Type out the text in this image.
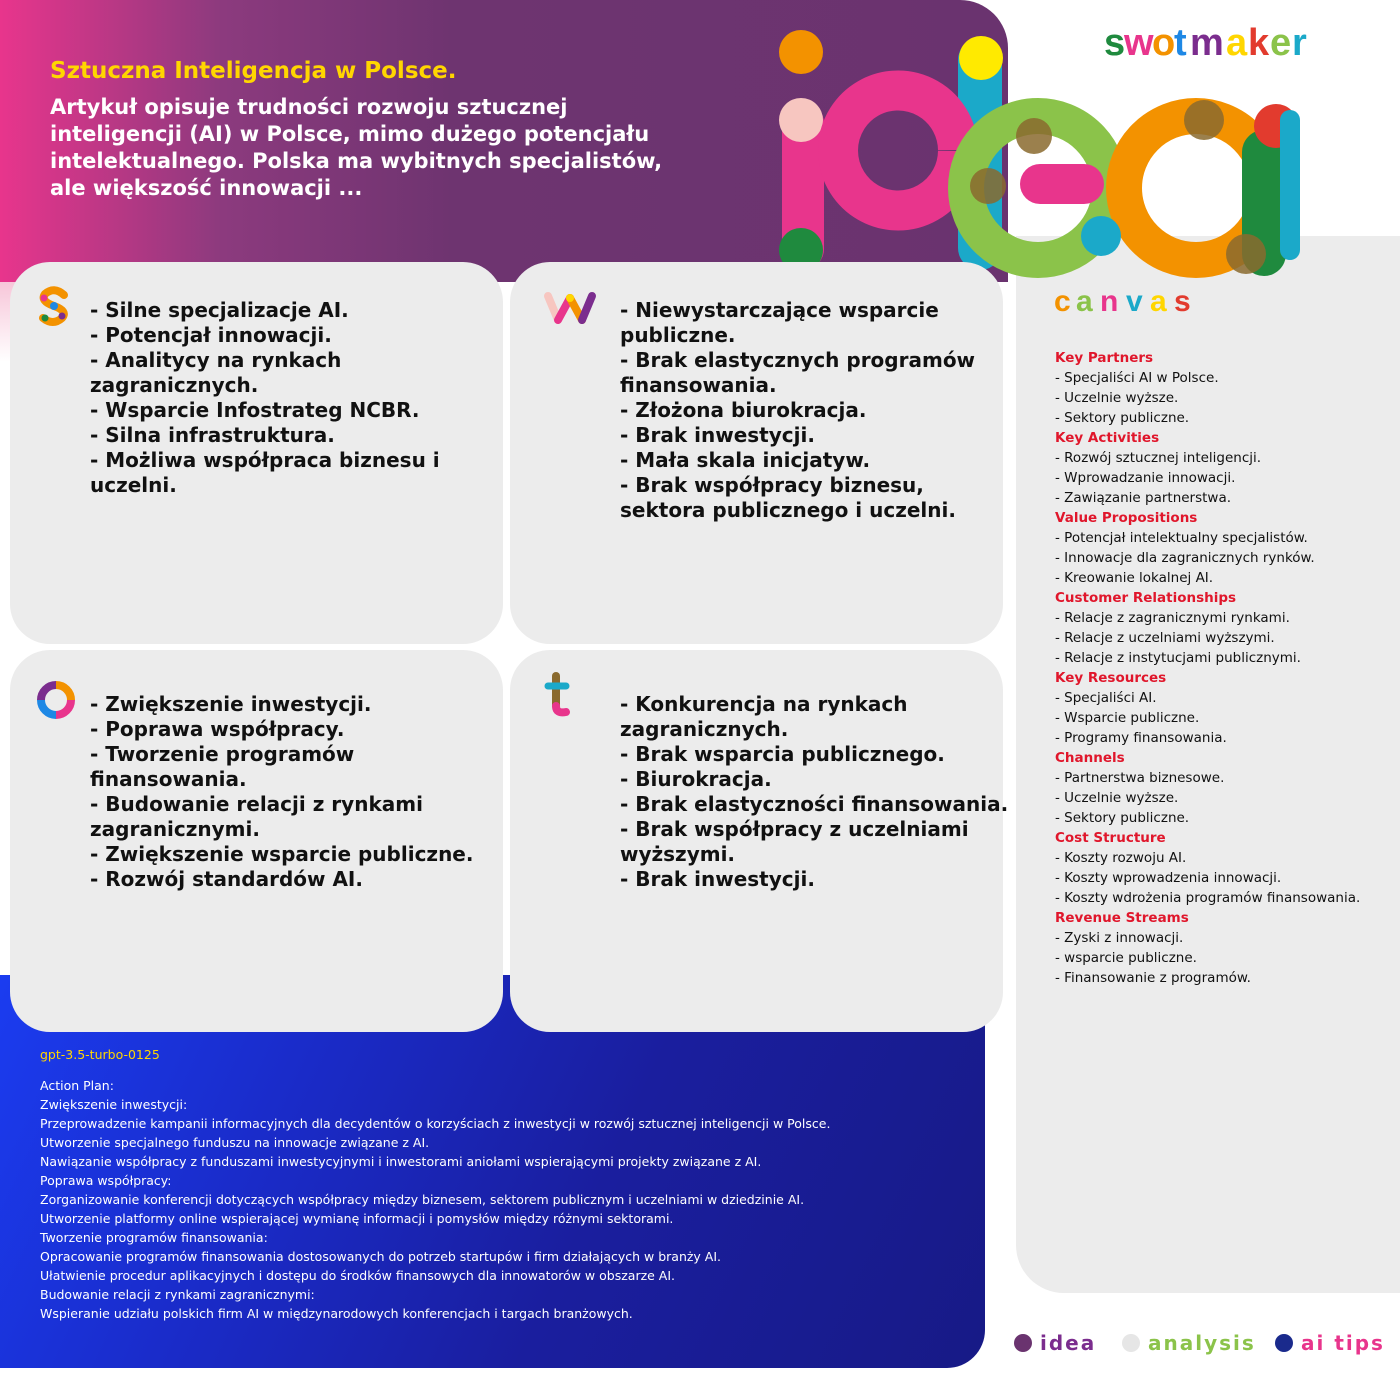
Sztuczna Inteligencja w Polsce.
Artykuł opisuje trudności rozwoju sztucznej inteligencji (AI) w Polsce, mimo dużego potencjału intelektualnego. Polska ma wybitnych specjalistów, ale większość innowacji ...
s
w
o
t m a k e r
c a n v a s
- Silne specjalizacje AI.
- Potencjał innowacji.
- Analitycy na rynkach zagranicznych.
- Wsparcie Infostrateg NCBR.
- Silna infrastruktura.
- Możliwa współpraca biznesu i uczelni.
- Niewystarczające wsparcie publiczne.
- Brak elastycznych programów finansowania.
- Złożona biurokracja.
- Brak inwestycji.
- Mała skala inicjatyw.
- Brak współpracy biznesu, sektora publicznego i uczelni.
- Zwiększenie inwestycji.
- Poprawa współpracy.
- Tworzenie programów finansowania.
- Budowanie relacji z rynkami zagranicznymi.
- Zwiększenie wsparcie publiczne.
- Rozwój standardów AI.
- Konkurencja na rynkach zagranicznych.
- Brak wsparcia publicznego.
- Biurokracja.
- Brak elastyczności finansowania.
- Brak współpracy z uczelniami wyższymi.
- Brak inwestycji.
Key Partners
- Specjaliści AI w Polsce.
- Uczelnie wyższe.
- Sektory publiczne.
Key Activities
- Rozwój sztucznej inteligencji.
- Wprowadzanie innowacji.
- Zawiązanie partnerstwa.
Value Propositions
- Potencjał intelektualny specjalistów.
- Innowacje dla zagranicznych rynków.
- Kreowanie lokalnej AI.
Customer Relationships
- Relacje z zagranicznymi rynkami.
- Relacje z uczelniami wyższymi.
- Relacje z instytucjami publicznymi.
Key Resources
- Specjaliści AI.
- Wsparcie publiczne.
- Programy finansowania.
Channels
- Partnerstwa biznesowe.
- Uczelnie wyższe.
- Sektory publiczne.
Cost Structure
- Koszty rozwoju AI.
- Koszty wprowadzenia innowacji.
- Koszty wdrożenia programów finansowania.
Revenue Streams
- Zyski z innowacji.
- wsparcie publiczne.
- Finansowanie z programów.
gpt-3.5-turbo-0125
Action Plan:
Zwiększenie inwestycji:
Przeprowadzenie kampanii informacyjnych dla decydentów o korzyściach z inwestycji w rozwój sztucznej inteligencji w Polsce.
Utworzenie specjalnego funduszu na innowacje związane z AI.
Nawiązanie współpracy z funduszami inwestycyjnymi i inwestorami aniołami wspierającymi projekty związane z AI.
Poprawa współpracy:
Zorganizowanie konferencji dotyczących współpracy między biznesem, sektorem publicznym i uczelniami w dziedzinie AI.
Utworzenie platformy online wspierającej wymianę informacji i pomysłów między różnymi sektorami.
Tworzenie programów finansowania:
Opracowanie programów finansowania dostosowanych do potrzeb startupów i firm działających w branży AI.
Ułatwienie procedur aplikacyjnych i dostępu do środków finansowych dla innowatorów w obszarze AI.
Budowanie relacji z rynkami zagranicznymi:
Wspieranie udziału polskich firm AI w międzynarodowych konferencjach i targach branżowych.
idea	analysis ai tips
